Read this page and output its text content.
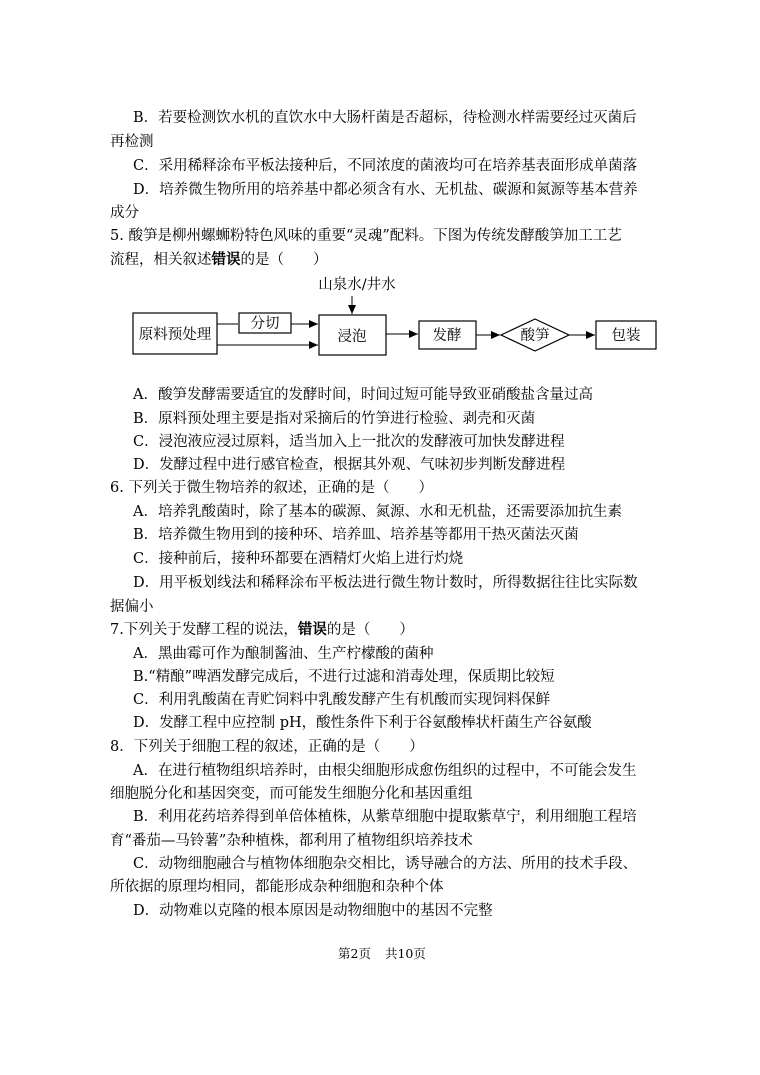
B．若要检测饮水机的直饮水中大肠杆菌是否超标，待检测水样需要经过灭菌后
再检测
C．采用稀释涂布平板法接种后，不同浓度的菌液均可在培养基表面形成单菌落
D．培养微生物所用的培养基中都必须含有水、无机盐、碳源和氮源等基本营养
成分
5. 酸笋是柳州螺蛳粉特色风味的重要“灵魂”配料。下图为传统发酵酸笋加工工艺
流程，相关叙述错误的是（　　）
山泉水/井水
原料预处理
分切
浸泡	发酵	酸笋	包装
A．酸笋发酵需要适宜的发酵时间，时间过短可能导致亚硝酸盐含量过高
B．原料预处理主要是指对采摘后的竹笋进行检验、剥壳和灭菌
C．浸泡液应浸过原料，适当加入上一批次的发酵液可加快发酵进程
D．发酵过程中进行感官检查，根据其外观、气味初步判断发酵进程
6. 下列关于微生物培养的叙述，正确的是（　　）
A．培养乳酸菌时，除了基本的碳源、氮源、水和无机盐，还需要添加抗生素
B．培养微生物用到的接种环、培养皿、培养基等都用干热灭菌法灭菌
C．接种前后，接种环都要在酒精灯火焰上进行灼烧
D．用平板划线法和稀释涂布平板法进行微生物计数时，所得数据往往比实际数
据偏小
7.下列关于发酵工程的说法，错误的是（　　）
A．黑曲霉可作为酿制酱油、生产柠檬酸的菌种
B.“精酿”啤酒发酵完成后，不进行过滤和消毒处理，保质期比较短
C．利用乳酸菌在青贮饲料中乳酸发酵产生有机酸而实现饲料保鲜
D．发酵工程中应控制 pH，酸性条件下利于谷氨酸棒状杆菌生产谷氨酸
8．下列关于细胞工程的叙述，正确的是（　　）
A．在进行植物组织培养时，由根尖细胞形成愈伤组织的过程中，不可能会发生
细胞脱分化和基因突变，而可能发生细胞分化和基因重组
B．利用花药培养得到单倍体植株，从紫草细胞中提取紫草宁，利用细胞工程培
育“番茄—马铃薯”杂种植株，都利用了植物组织培养技术
C．动物细胞融合与植物体细胞杂交相比，诱导融合的方法、所用的技术手段、
所依据的原理均相同，都能形成杂种细胞和杂种个体
D．动物难以克隆的根本原因是动物细胞中的基因不完整
第2页 共10页
